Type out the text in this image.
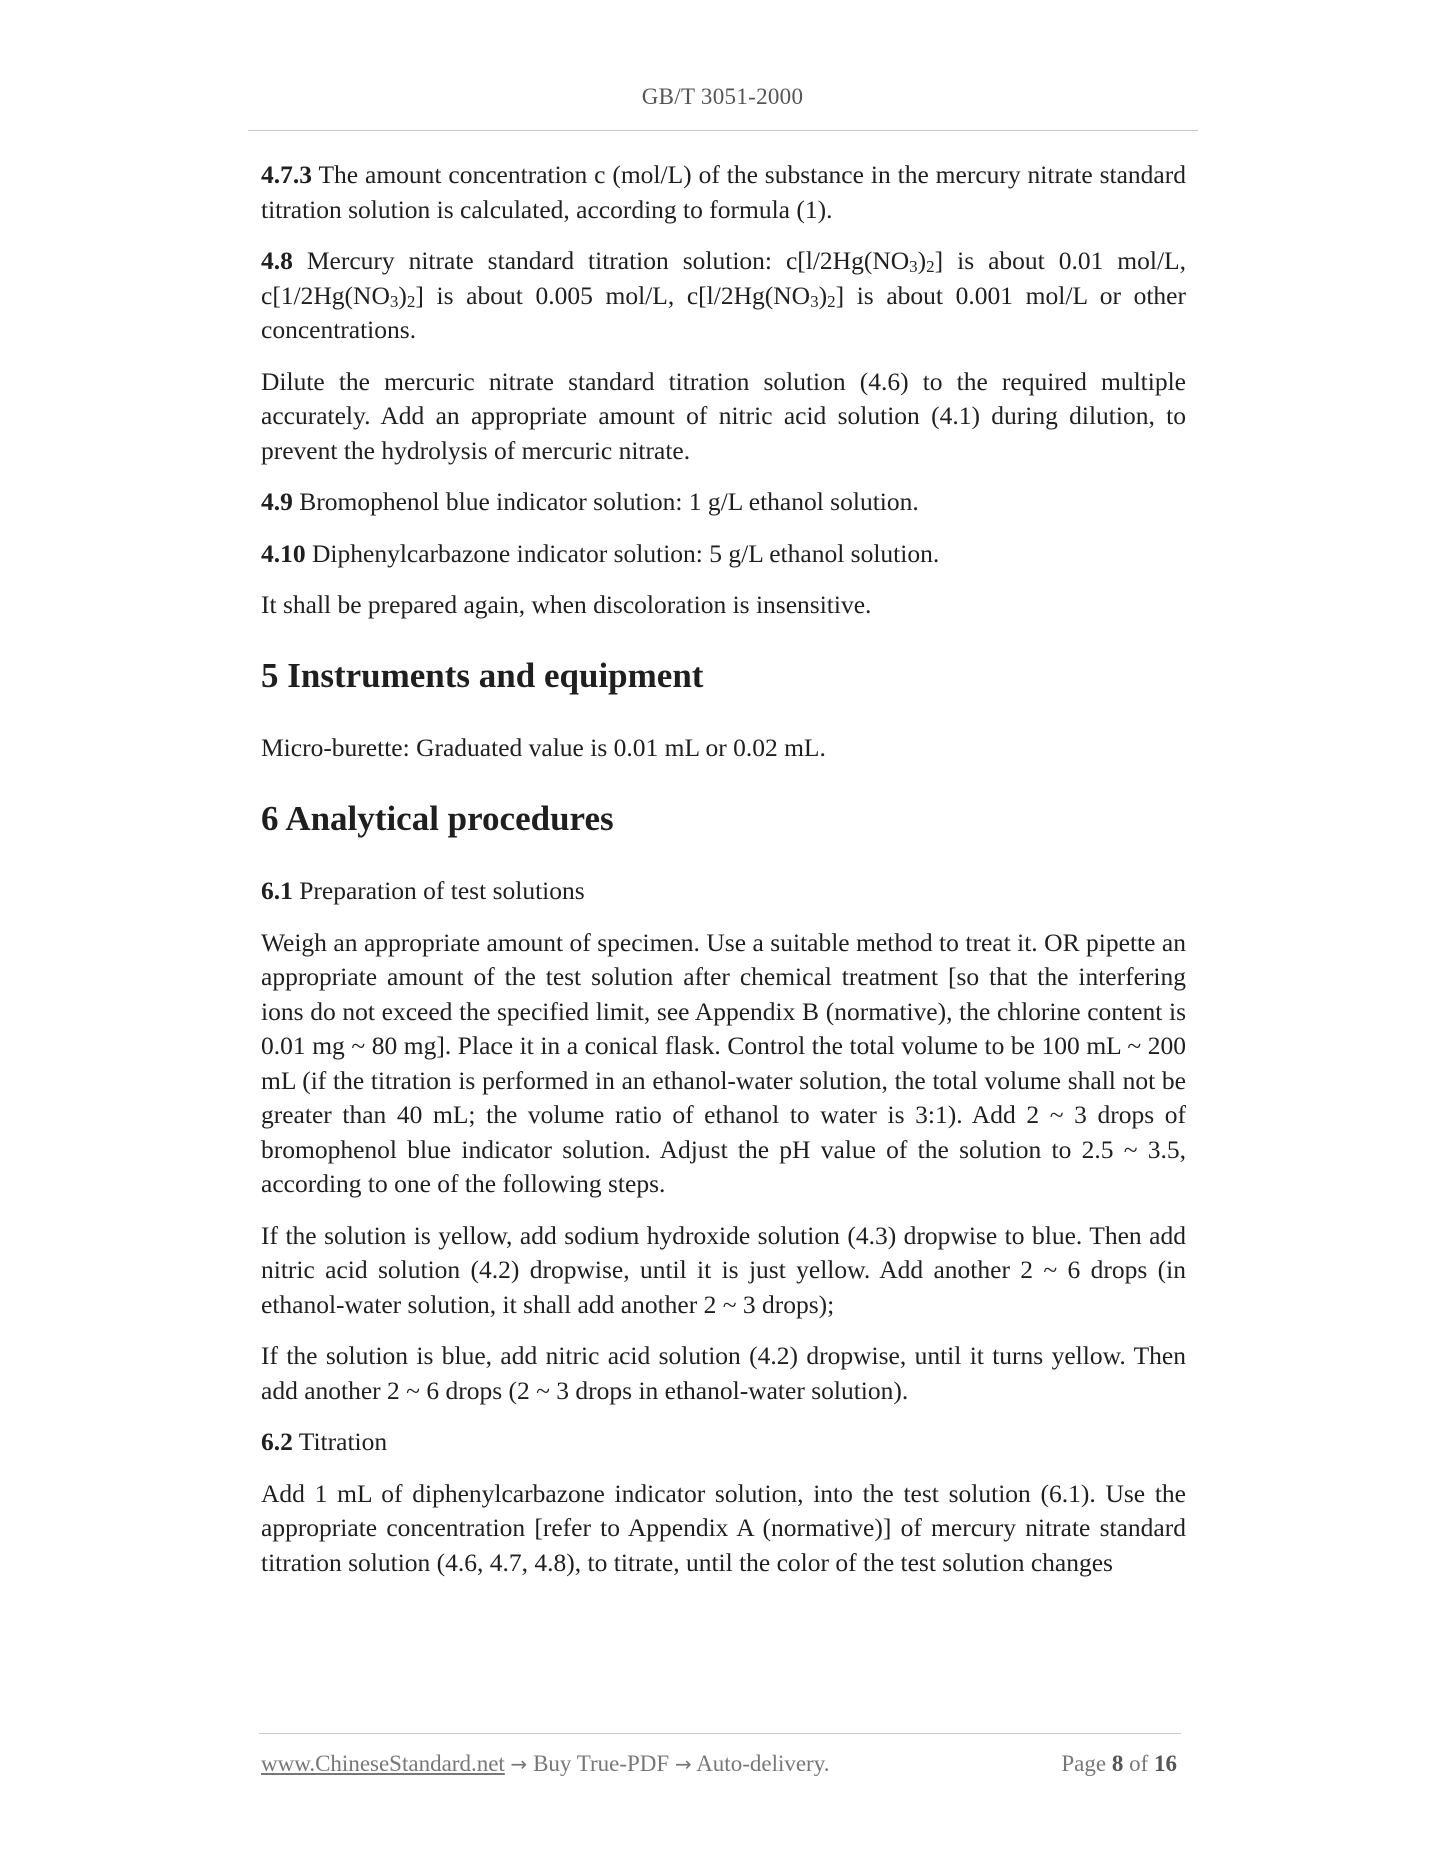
GB/T 3051-2000

4.7.3 The amount concentration c (mol/L) of the substance in the mercury nitrate standard titration solution is calculated, according to formula (1).

4.8 Mercury nitrate standard titration solution: $c[l/2Hg(NO_3)_2]$ is about 0.01 mol/L, $c[1/2Hg(NO_3)_2]$ is about 0.005 mol/L, $c[l/2Hg(NO_3)_2]$ is about 0.001 mol/L or other concentrations.

Dilute the mercuric nitrate standard titration solution (4.6) to the required multiple accurately. Add an appropriate amount of nitric acid solution (4.1) during dilution, to prevent the hydrolysis of mercuric nitrate.

4.9 Bromophenol blue indicator solution: 1 g/L ethanol solution.

4.10 Diphenylcarbazone indicator solution: 5 g/L ethanol solution.

It shall be prepared again, when discoloration is insensitive.

5 Instruments and equipment

Micro-burette: Graduated value is 0.01 mL or 0.02 mL.

6 Analytical procedures

6.1 Preparation of test solutions

Weigh an appropriate amount of specimen. Use a suitable method to treat it. OR pipette an appropriate amount of the test solution after chemical treatment [so that the interfering ions do not exceed the specified limit, see Appendix B (normative), the chlorine content is 0.01 mg ~ 80 mg]. Place it in a conical flask. Control the total volume to be 100 mL ~ 200 mL (if the titration is performed in an ethanol-water solution, the total volume shall not be greater than 40 mL; the volume ratio of ethanol to water is 3:1). Add 2 ~ 3 drops of bromophenol blue indicator solution. Adjust the pH value of the solution to 2.5 ~ 3.5, according to one of the following steps.

If the solution is yellow, add sodium hydroxide solution (4.3) dropwise to blue. Then add nitric acid solution (4.2) dropwise, until it is just yellow. Add another 2 ~ 6 drops (in ethanol-water solution, it shall add another 2 ~ 3 drops);

If the solution is blue, add nitric acid solution (4.2) dropwise, until it turns yellow. Then add another 2 ~ 6 drops (2 ~ 3 drops in ethanol-water solution).

6.2 Titration

Add 1 mL of diphenylcarbazone indicator solution, into the test solution (6.1). Use the appropriate concentration [refer to Appendix A (normative)] of mercury nitrate standard titration solution (4.6, 4.7, 4.8), to titrate, until the color of the test solution changes

www.ChineseStandard.net → Buy True-PDF → Auto-delivery.	Page 8 of 16
